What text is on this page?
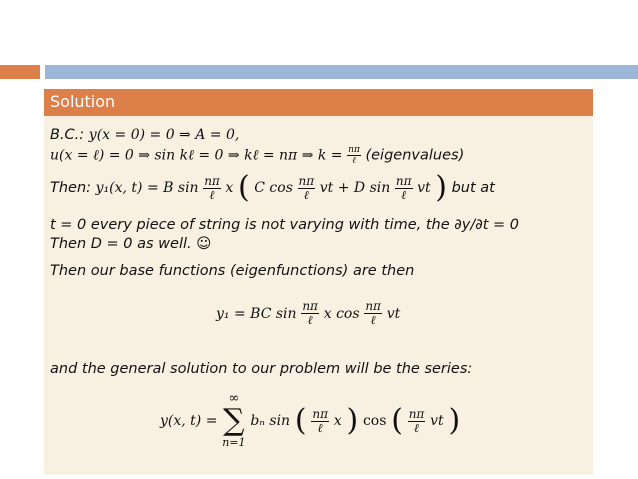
Solution
B.C.: y(x = 0) = 0 ⇒ A = 0,
u(x = ℓ) = 0 ⇒ sin kℓ = 0 ⇒ kℓ = nπ ⇒ $k = \frac{n\pi}{\text{ℓ}}$ (eigenvalues)
Then: y₁(x, t) = B $\sin \frac{n\pi}{\text{ℓ}}$ x ( C $\cos \frac{n\pi}{\text{ℓ}}$ vt + D $\sin \frac{n\pi}{\text{ℓ}}$ vt ) but at
t = 0 every piece of string is not varying with time, the ∂y/∂t = 0
Then D = 0 as well. ☺
Then our base functions (eigenfunctions) are then
y₁ = BC $\sin \frac{n\pi}{\text{ℓ}}$ x $\cos \frac{n\pi}{\text{ℓ}}$ vt
and the general solution to our problem will be the series:
y(x, t) =
∞
∑
n=1
bₙ sin ( $\frac{n\pi}{\text{ℓ}}$ x ) cos ( $\frac{n\pi}{\text{ℓ}}$ vt )
